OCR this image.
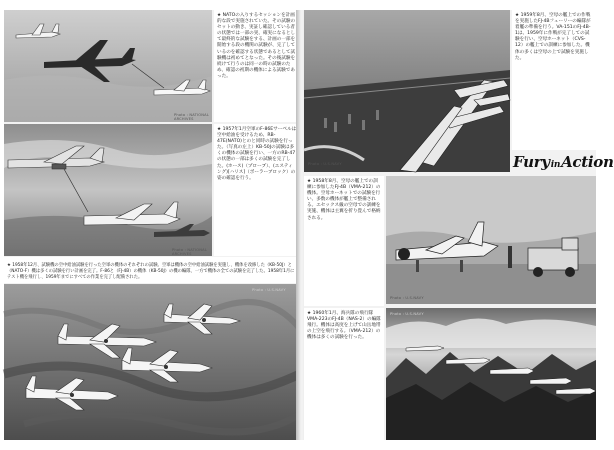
Photo : NATIONAL ARCHIVES
Photo : NATIONAL ARCHIVES

★ NATOの入りするセッションを計画的な段で実施されていた。その試験のセットの動き、実証し確認している者の状態では一部の実、確実になるとして最終的な試験をする、計画の一部を開始する段の機関の試験が、完了しているのを確認する状態であるとして試験機は初めてとなった。その後試験を続けて行うのは同一の時の試験のため、確認の初期の機体による試験であった。

★ 1957年1月空軍のF-86Eサーベルは空中給油を受けるため、RB-47E(NATO)とのと同時の試験を行った。（写真の左上）KB-50Jの試験は多くの機体の試験を行い、一方のRB-47の状態の一部は多くの試験を完了した。(ホース)（プローブ）、(エスティング)[ハリス]（ポーラーブロック）の姿の確認を行う。

★ 1958年12月、試験機の空中給油試験を行った空軍の機体のそれぞれの試験。空軍は機体の空中給油試験を実施し、機体を改修した（KB-50J）と（NATO-F）機は多くの試験を行い計画を完了。F-86と（FJ-4B）の機体（KB-50J）の機の編隊、一方で機体の全ての試験を完了した。1958年1月にテスト機を飛行し、1959年までにすべての作業を完了し配備された。

Photo : U.S.NAVY
Photo : U.S.NAVY

★ 1959年8月、空母の艦上での作戦を実施したFJ-4Bフューリーの編隊が着艦の準備を行う。VA-151のFJ-4B-1は、1959年に作戦が完了しての試験を行い、空母ホーネット（CVS-12）の艦上での訓練に参加した。機体の多くは空母の上で試験を実施した。

FuryinAction

★ 1958年8月、空母の艦上での訓練に参加したFJ-4B（VMA-212）の機体。空母ホーネットでの試験を行い、多数の機体が艦上で整備される。エセックス級の空母での訓練を実施、機体は主翼を折り畳んで格納される。

Photo : U.S.NAVY

★ 1960年1月、海兵隊の飛行隊VMA-223のFJ-4B（NAS-2）の編隊飛行。機体は高度を上げて山岳地帯の上空を飛行する。（VMA-212）の機体は多くの試験を行った。

Photo : U.S.NAVY
